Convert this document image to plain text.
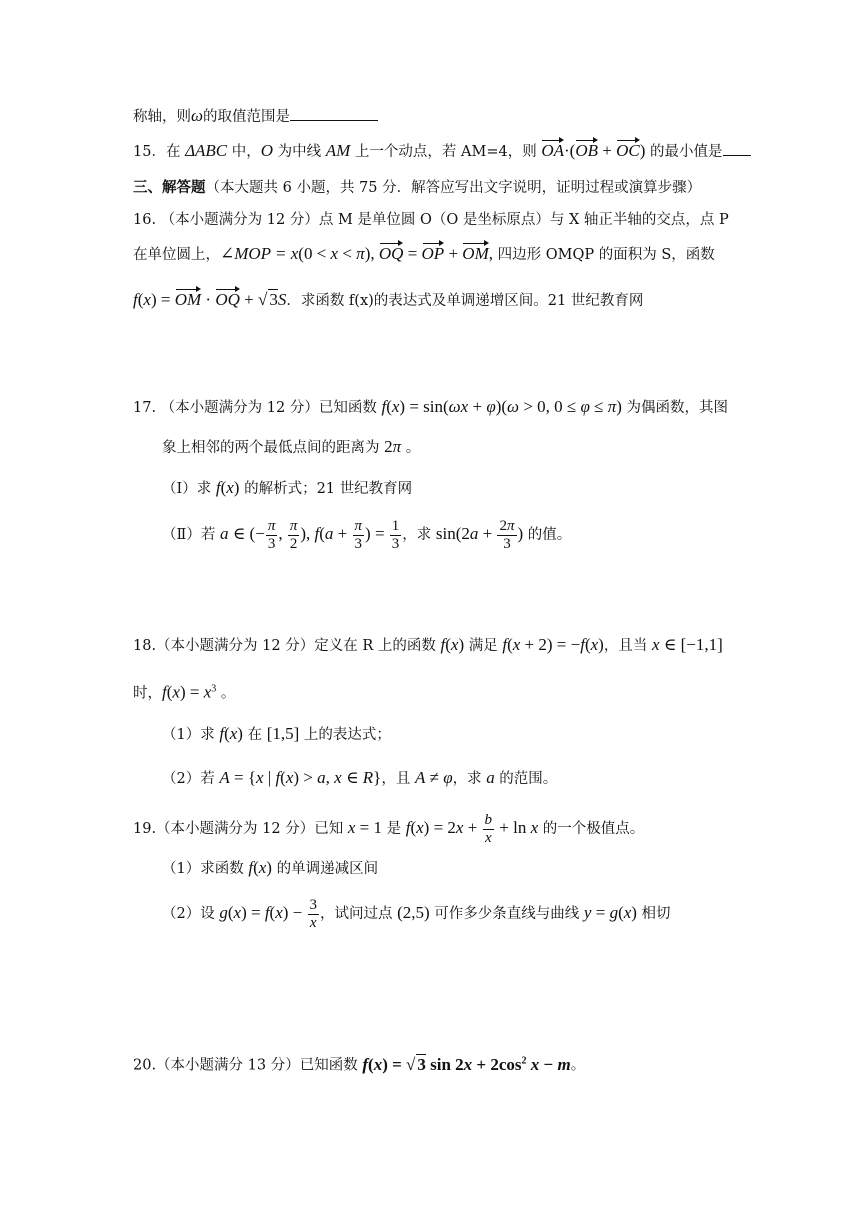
称轴，则ω的取值范围是
15．在 ΔABC 中，O 为中线 AM 上一个动点，若 AM=4，则 OA·(OB + OC) 的最小值是
三、解答题（本大题共 6 小题，共 75 分．解答应写出文字说明，证明过程或演算步骤）
16. （本小题满分为 12 分）点 M 是单位圆 O（O 是坐标原点）与 X 轴正半轴的交点，点 P
在单位圆上，∠MOP = x(0 < x < π), OQ = OP + OM, 四边形 OMQP 的面积为 S，函数
f(x) = OM · OQ + √ 3S．求函数 f(x)的表达式及单调递增区间。21 世纪教育网
17. （本小题满分为 12 分）已知函数 f(x) = sin(ωx + φ)(ω > 0, 0 ≤ φ ≤ π) 为偶函数，其图
象上相邻的两个最低点间的距离为 2π 。
（Ⅰ）求 f(x) 的解析式；21 世纪教育网
（Ⅱ）若 a ∈ (− $\frac{\pi}{3}$ , $\frac{\pi}{2}$ ), $f(a + \frac{\pi}{3}$ ) = $\frac{1}{3}$ ，求 $\sin(2a + \frac{2\pi}{3}$ ) 的值。
18.（本小题满分为 12 分）定义在 R 上的函数 f(x) 满足 f(x + 2) = −f(x)，且当 x ∈ [−1,1]
时，$f(x) = x^3$ 。
（1）求 f(x) 在 [1,5] 上的表达式；
（2）若 A = {x | f(x) > a, x ∈ R}，且 A ≠ φ，求 a 的范围。
19.（本小题满分为 12 分）已知 x = 1 是 $f(x) = 2x + \frac{b}{x} + \ln x$ 的一个极值点。
（1）求函数 f(x) 的单调递减区间
（2）设 $g(x) = f(x) - \frac{3}{x}$ ，试问过点 (2,5) 可作多少条直线与曲线 y = g(x) 相切
20.（本小题满分 13 分）已知函数 f(x) = √ 3 $\sin 2x + 2\cos^2$ x − m。
